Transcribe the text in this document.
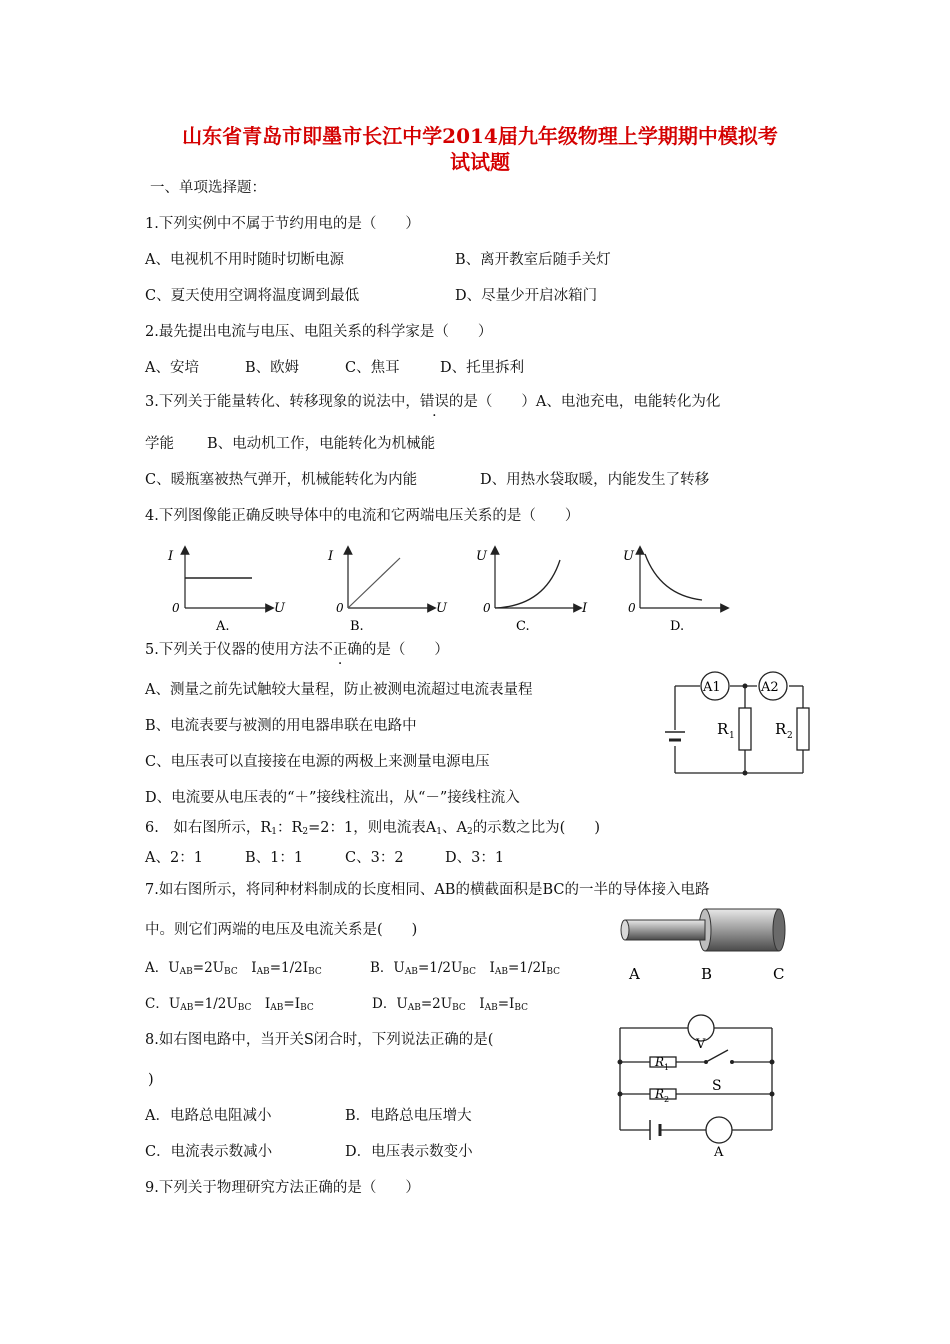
山东省青岛市即墨市长江中学2014届九年级物理上学期期中模拟考
试试题
一、单项选择题：
1.下列实例中不属于节约用电的是（　　）
A、电视机不用时随时切断电源	B、离开教室后随手关灯
C、夏天使用空调将温度调到最低	D、尽量少开启冰箱门
2.最先提出电流与电压、电阻关系的科学家是（　　）
A、安培	B、欧姆	C、焦耳	D、托里拆利
3.下列关于能量转化、转移现象的说法中，错误的是（　　）A、电池充电，电能转化为化
学能 B、电动机工作，电能转化为机械能
C、暖瓶塞被热气弹开，机械能转化为内能	D、用热水袋取暖，内能发生了转移
4.下列图像能正确反映导体中的电流和它两端电压关系的是（　　）
I
0	U
A.
I
0	U
B.
U
0	I
C.
U
0
D.
5.下列关于仪器的使用方法不正确的是（　　）
A、测量之前先试触较大量程，防止被测电流超过电流表量程
B、电流表要与被测的用电器串联在电路中
C、电压表可以直接接在电源的两极上来测量电源电压
D、电流要从电压表的“＋”接线柱流出，从“－”接线柱流入
A1	A2
R 1	R 2
6.　如右图所示，$R_1$：$R_2=2$：1，则电流表$A_1$、$A_2$的示数之比为(　　)
A、2：1	B、1：1	C、3：2	D、3：1
7.如右图所示，将同种材料制成的长度相同、AB的横截面积是BC的一半的导体接入电路
中。则它们两端的电压及电流关系是(　　)
A	B	C
A．$U_{AB}=2U_{BC}$　$I_{AB}=1/2I_{BC}$	B．$U_{AB}=1/2U_{BC}$　$I_{AB}=1/2I_{BC}$
C．$U_{AB}=1/2U_{BC}$　$I_{AB}=I_{BC}$	D．$U_{AB}=2U_{BC}$　$I_{AB}=I_{BC}$
8.如右图电路中，当开关S闭合时，下列说法正确的是(
)
A．电路总电阻减小	B．电路总电压增大
C．电流表示数减小	D．电压表示数变小
V
R 1
R 2
S
A
9.下列关于物理研究方法正确的是（　　）
